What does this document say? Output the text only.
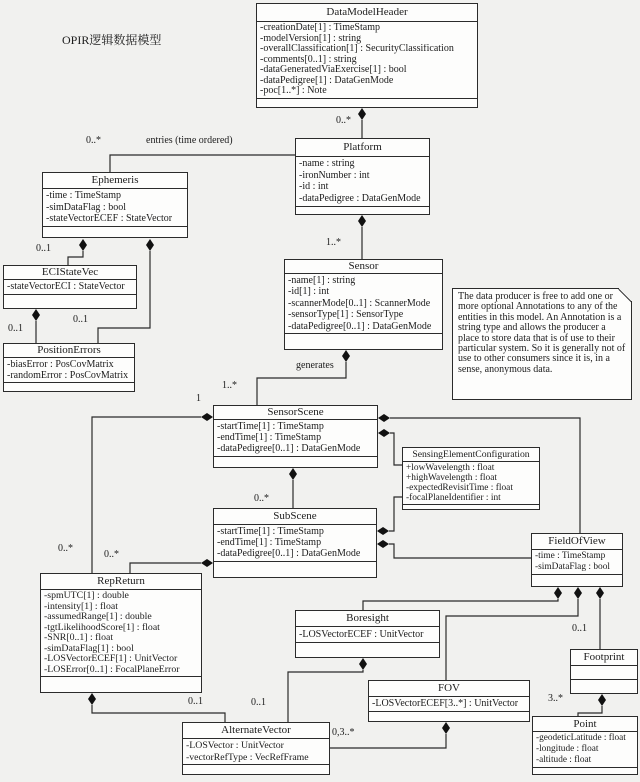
OPIR逻辑数据模型
DataModelHeader
-creationDate[1] : TimeStamp
-modelVersion[1] : string
-overallClassification[1] : SecurityClassification
-comments[0..1] : string
-dataGeneratedViaExercise[1] : bool
-dataPedigree[1] : DataGenMode
-poc[1..*] : Note
Platform
-name : string
-ironNumber : int
-id : int
-dataPedigree : DataGenMode
Ephemeris
-time : TimeStamp
-simDataFlag : bool
-stateVectorECEF : StateVector
ECIStateVec
-stateVectorECI : StateVector
PositionErrors
-biasError : PosCovMatrix
-randomError : PosCovMatrix
Sensor
-name[1] : string
-id[1] : int
-scannerMode[0..1] : ScannerMode
-sensorType[1] : SensorType
-dataPedigree[0..1] : DataGenMode
The data producer is free to add one or more optional Annotations to any of the entities in this model. An Annotation is a string type and allows the producer a place to store data that is of use to their particular system. So it is generally not of use to other consumers since it is, in a sense, anonymous data.
SensorScene
-startTime[1] : TimeStamp
-endTime[1] : TimeStamp
-dataPedigree[0..1] : DataGenMode
SensingElementConfiguration
+lowWavelength : float
+highWavelength : float
-expectedRevisitTime : float
-focalPlaneIdentifier : int
SubScene
-startTime[1] : TimeStamp
-endTime[1] : TimeStamp
-dataPedigree[0..1] : DataGenMode
RepReturn
-spmUTC[1] : double
-intensity[1] : float
-assumedRange[1] : double
-tgtLikelihoodScore[1] : float
-SNR[0..1] : float
-simDataFlag[1] : bool
-LOSVectorECEF[1] : UnitVector
-LOSError[0..1] : FocalPlaneError
FieldOfView
-time : TimeStamp
-simDataFlag : bool
Boresight
-LOSVectorECEF : UnitVector
Footprint
FOV
-LOSVectorECEF[3..*] : UnitVector
Point
-geodeticLatitude : float
-longitude : float
-altitude : float
AlternateVector
-LOSVector : UnitVector
-vectorRefType : VecRefFrame
0..*
0..*	entries (time ordered)
1..*
0..1
0..1
0..1
generates
1..*
1
0..*
0..*
0..*
0..1
0..1	0..1
0,3..*
3..*
